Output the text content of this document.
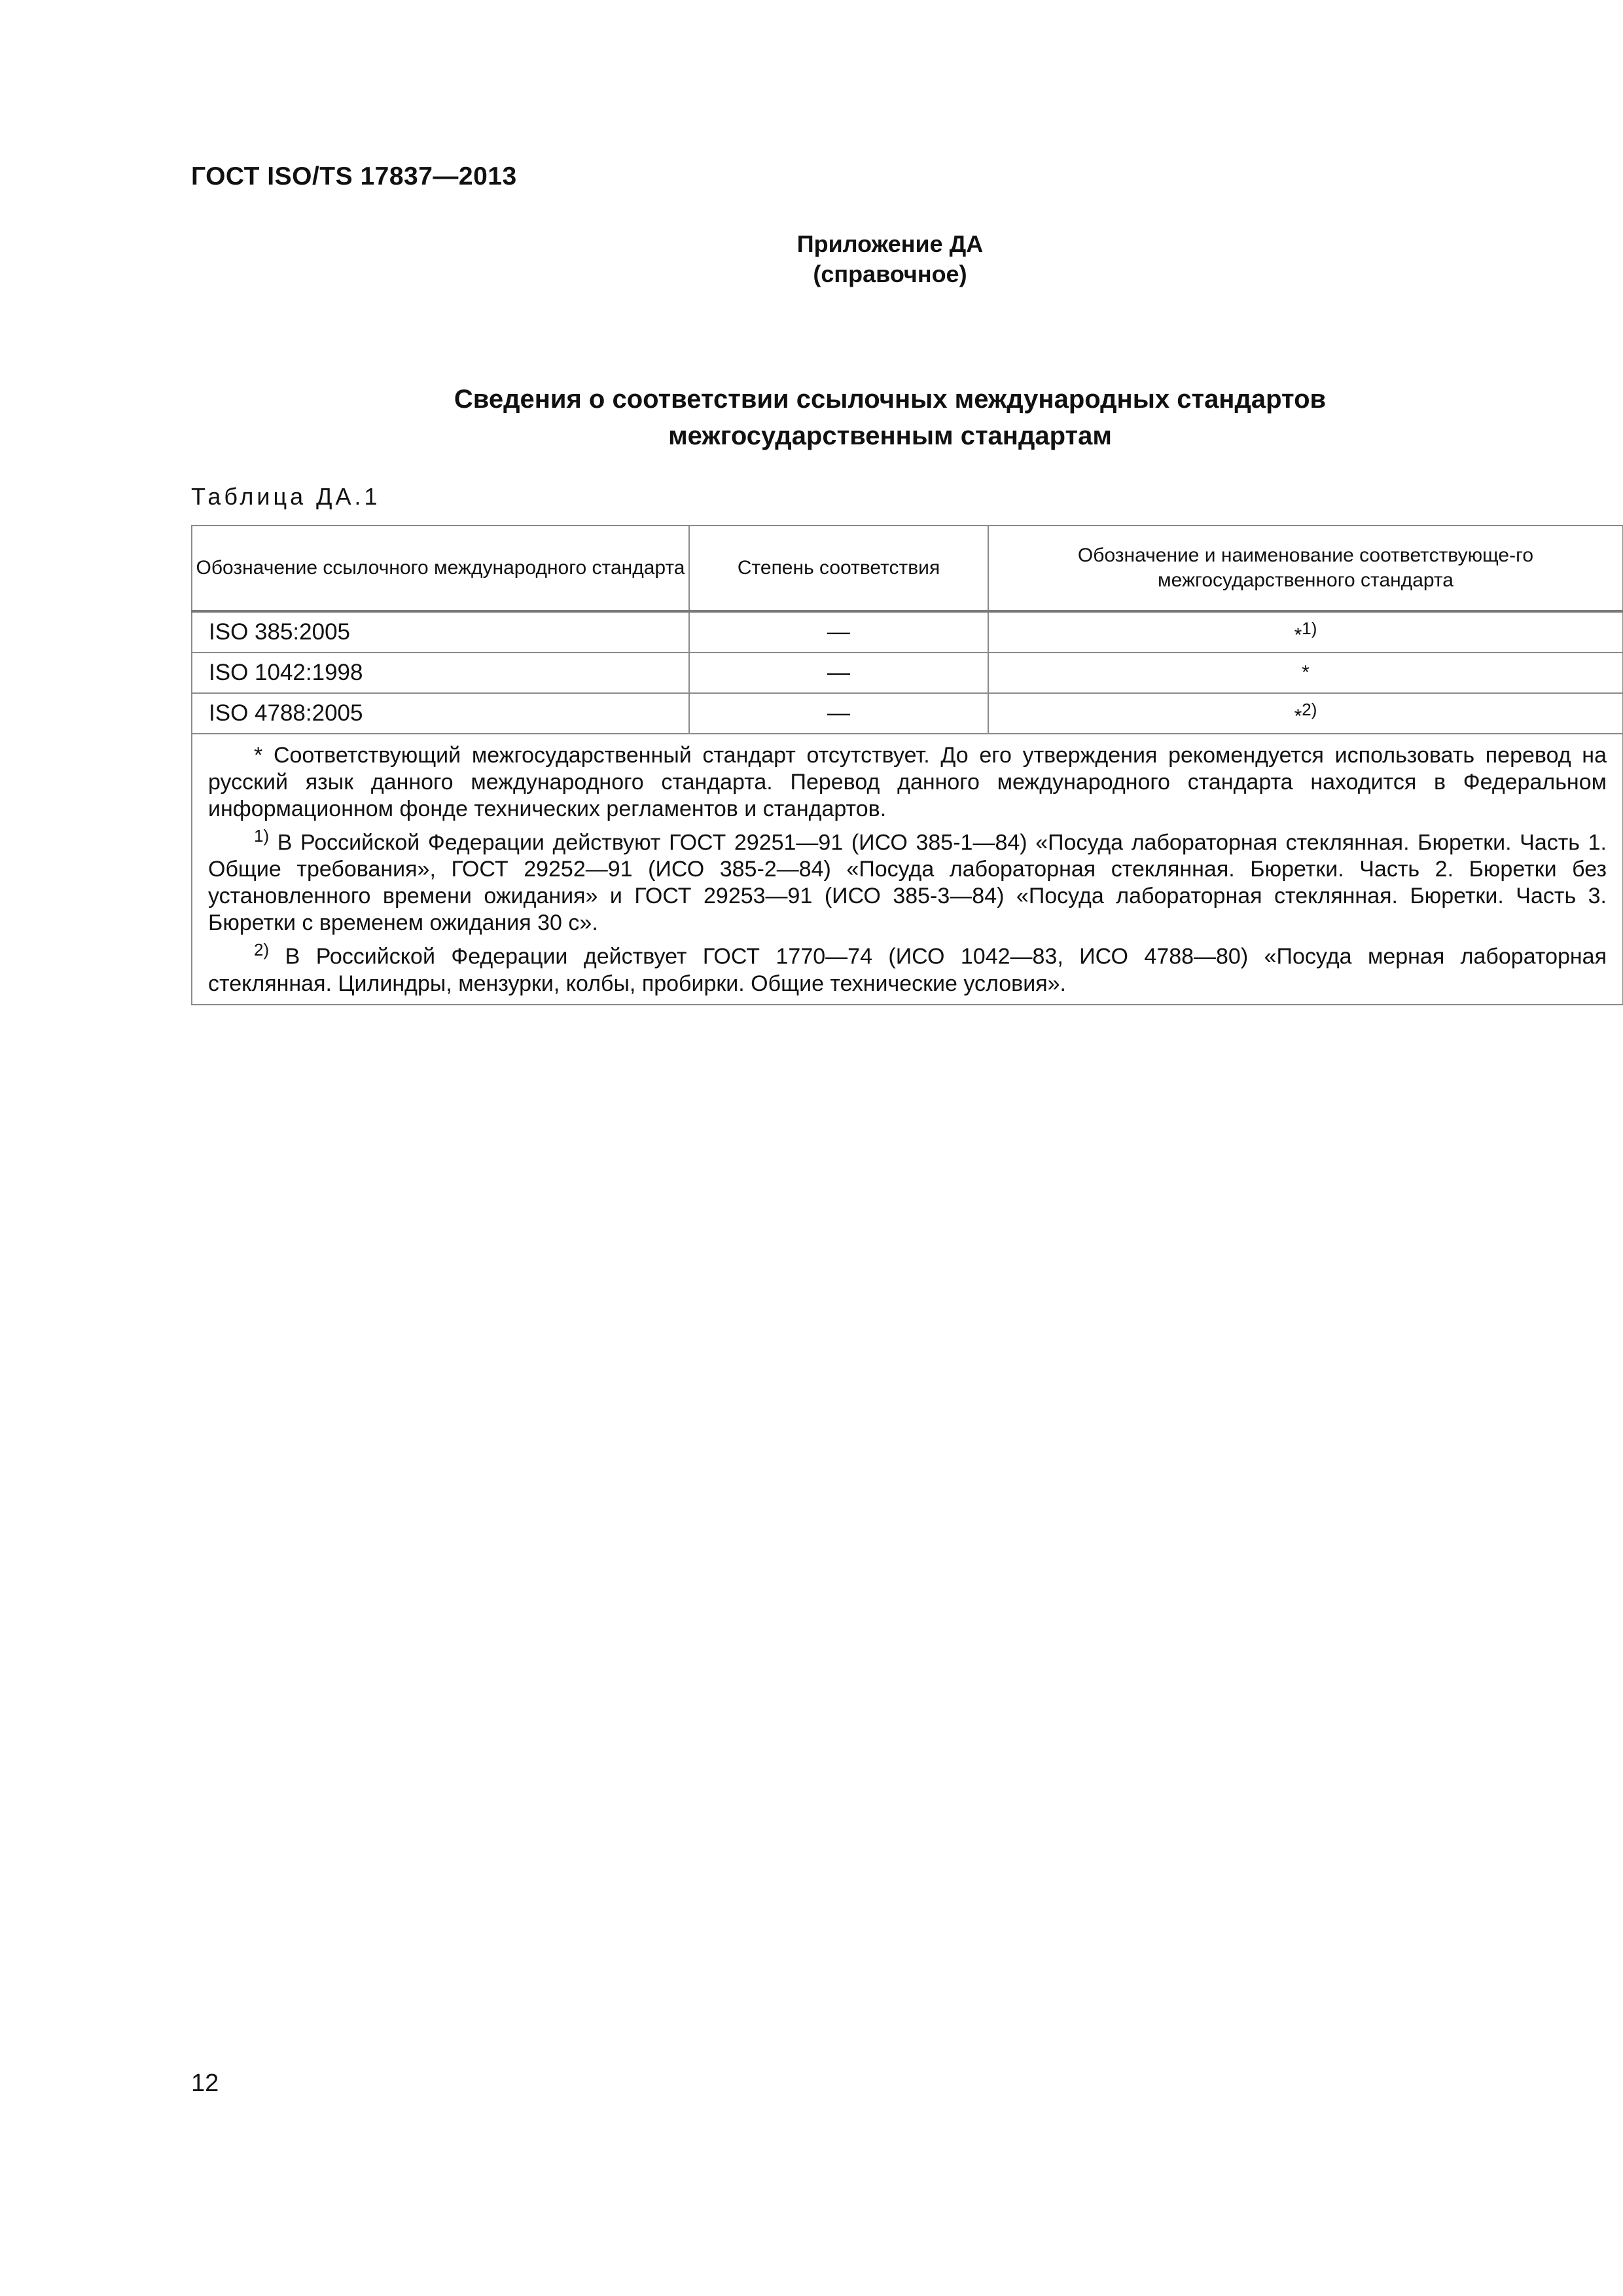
ГОСТ ISO/TS 17837—2013
Приложение ДА
(справочное)
Сведения о соответствии ссылочных международных стандартов
межгосударственным стандартам
Таблица ДА.1
Обозначение ссылочного международного стандарта	Степень соответствия	Обозначение и наименование соответствующе-го межгосударственного стандарта
ISO 385:2005	—	*$^{1)}$
ISO 1042:1998	—	*
ISO 4788:2005	—	*$^{2)}$

* Соответствующий межгосударственный стандарт отсутствует. До его утверждения рекомендуется использовать перевод на русский язык данного международного стандарта. Перевод данного международного стандарта находится в Федеральном информационном фонде технических регламентов и стандартов.

$^{1)}$ В Российской Федерации действуют ГОСТ 29251—91 (ИСО 385-1—84) «Посуда лабораторная стеклянная. Бюретки. Часть 1. Общие требования», ГОСТ 29252—91 (ИСО 385-2—84) «Посуда лабораторная стеклянная. Бюретки. Часть 2. Бюретки без установленного времени ожидания» и ГОСТ 29253—91 (ИСО 385-3—84) «Посуда лабораторная стеклянная. Бюретки. Часть 3. Бюретки с временем ожидания 30 с».

$^{2)}$ В Российской Федерации действует ГОСТ 1770—74 (ИСО 1042—83, ИСО 4788—80) «Посуда мерная лабораторная стеклянная. Цилиндры, мензурки, колбы, пробирки. Общие технические условия».		

12
